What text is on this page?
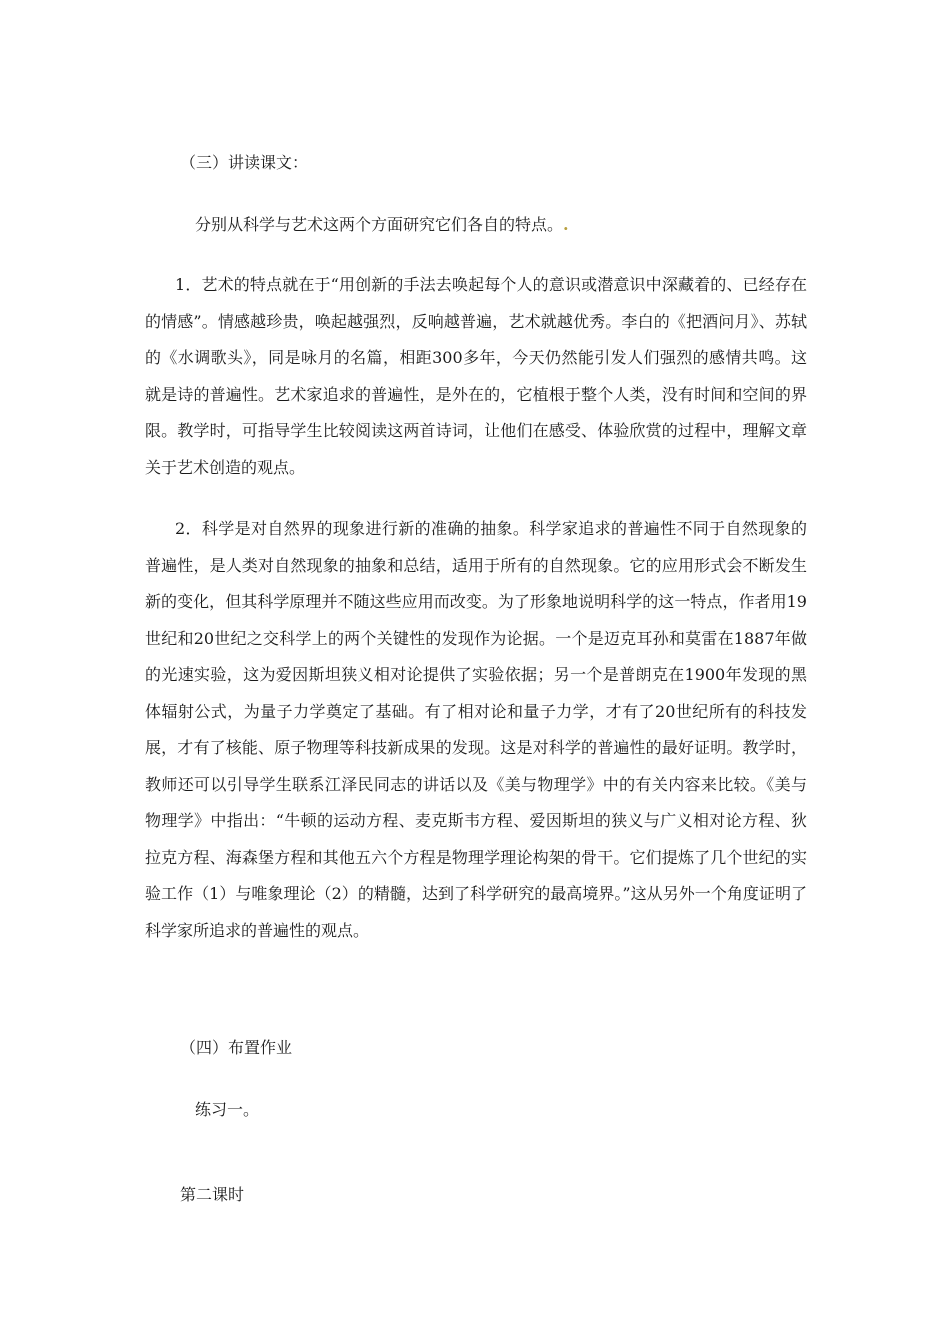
（三）讲读课文：
分别从科学与艺术这两个方面研究它们各自的特点。.

1．艺术的特点就在于“用创新的手法去唤起每个人的意识或潜意识中深藏着的、已经存在的情感”。情感越珍贵，唤起越强烈，反响越普遍，艺术就越优秀。李白的《把酒问月》、苏轼的《水调歌头》，同是咏月的名篇，相距300多年，今天仍然能引发人们强烈的感情共鸣。这就是诗的普遍性。艺术家追求的普遍性，是外在的，它植根于整个人类，没有时间和空间的界限。教学时，可指导学生比较阅读这两首诗词，让他们在感受、体验欣赏的过程中，理解文章关于艺术创造的观点。

2．科学是对自然界的现象进行新的准确的抽象。科学家追求的普遍性不同于自然现象的普遍性，是人类对自然现象的抽象和总结，适用于所有的自然现象。它的应用形式会不断发生新的变化，但其科学原理并不随这些应用而改变。为了形象地说明科学的这一特点，作者用19世纪和20世纪之交科学上的两个关键性的发现作为论据。一个是迈克耳孙和莫雷在1887年做的光速实验，这为爱因斯坦狭义相对论提供了实验依据；另一个是普朗克在1900年发现的黑体辐射公式，为量子力学奠定了基础。有了相对论和量子力学，才有了20世纪所有的科技发展，才有了核能、原子物理等科技新成果的发现。这是对科学的普遍性的最好证明。教学时，教师还可以引导学生联系江泽民同志的讲话以及《美与物理学》中的有关内容来比较。《美与物理学》中指出：“牛顿的运动方程、麦克斯韦方程、爱因斯坦的狭义与广义相对论方程、狄拉克方程、海森堡方程和其他五六个方程是物理学理论构架的骨干。它们提炼了几个世纪的实验工作（1）与唯象理论（2）的精髓，达到了科学研究的最高境界。”这从另外一个角度证明了科学家所追求的普遍性的观点。

（四）布置作业
练习一。
第二课时
